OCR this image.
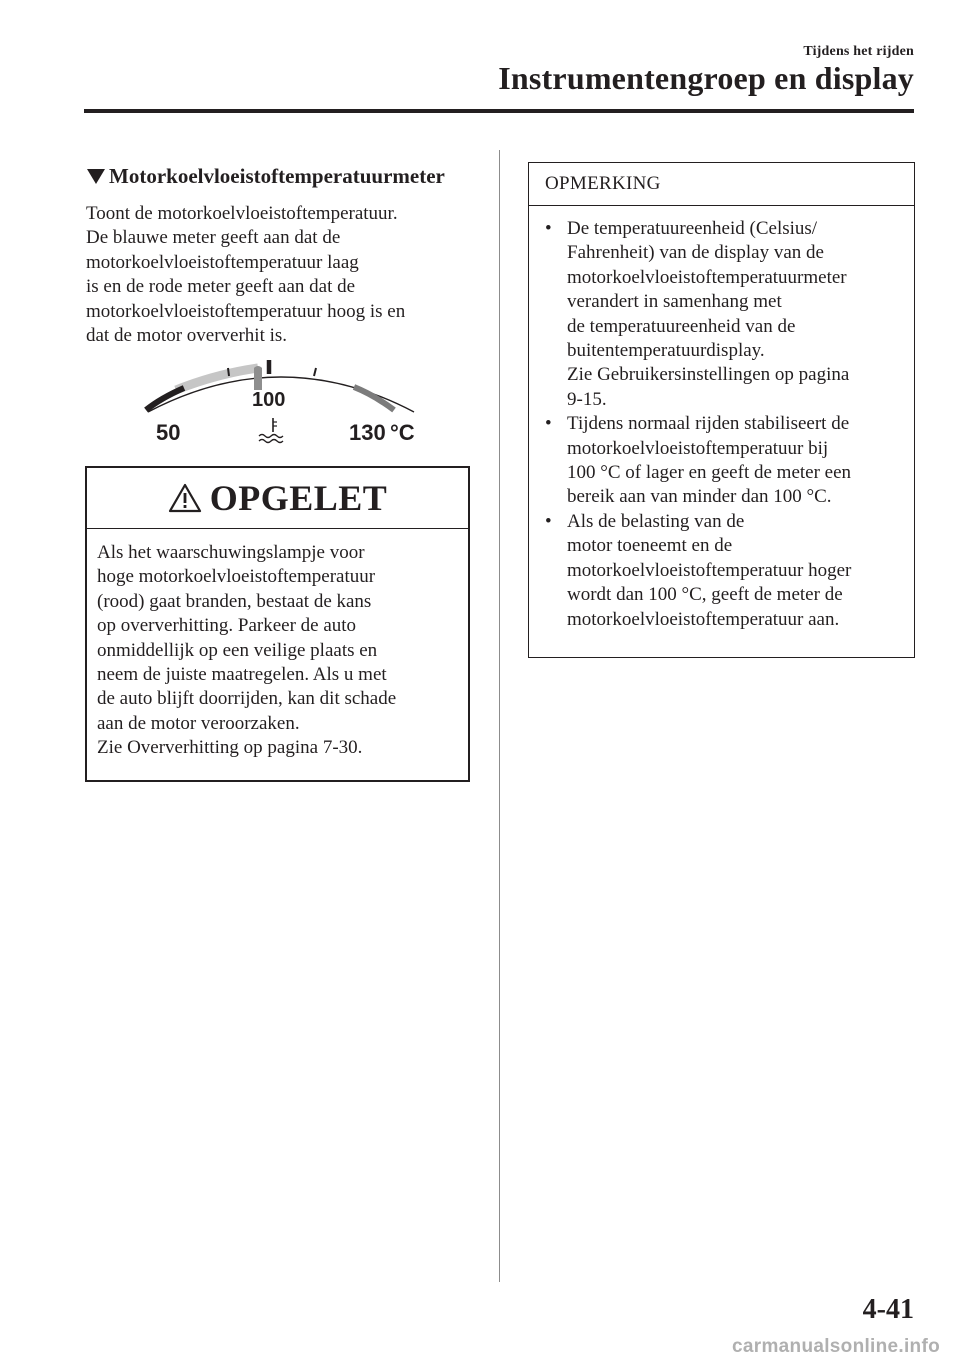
Tijdens het rijden
Instrumentengroep en display
Motorkoelvloeistoftemperatuurmeter
Toont de motorkoelvloeistoftemperatuur.
De blauwe meter geeft aan dat de
motorkoelvloeistoftemperatuur laag
is en de rode meter geeft aan dat de
motorkoelvloeistoftemperatuur hoog is en
dat de motor oververhit is.
50
100
130 °C
OPGELET
Als het waarschuwingslampje voor
hoge motorkoelvloeistoftemperatuur
(rood) gaat branden, bestaat de kans
op oververhitting. Parkeer de auto
onmiddellijk op een veilige plaats en
neem de juiste maatregelen. Als u met
de auto blijft doorrijden, kan dit schade
aan de motor veroorzaken.
Zie Oververhitting op pagina 7-30.
OPMERKING
• De temperatuureenheid (Celsius/
Fahrenheit) van de display van de
motorkoelvloeistoftemperatuurmeter
verandert in samenhang met
de temperatuureenheid van de
buitentemperatuurdisplay.
Zie Gebruikersinstellingen op pagina
9-15.
• Tijdens normaal rijden stabiliseert de
motorkoelvloeistoftemperatuur bij
100 °C of lager en geeft de meter een
bereik aan van minder dan 100 °C.
• Als de belasting van de
motor toeneemt en de
motorkoelvloeistoftemperatuur hoger
wordt dan 100 °C, geeft de meter de
motorkoelvloeistoftemperatuur aan.
4-41
carmanualsonline.info
